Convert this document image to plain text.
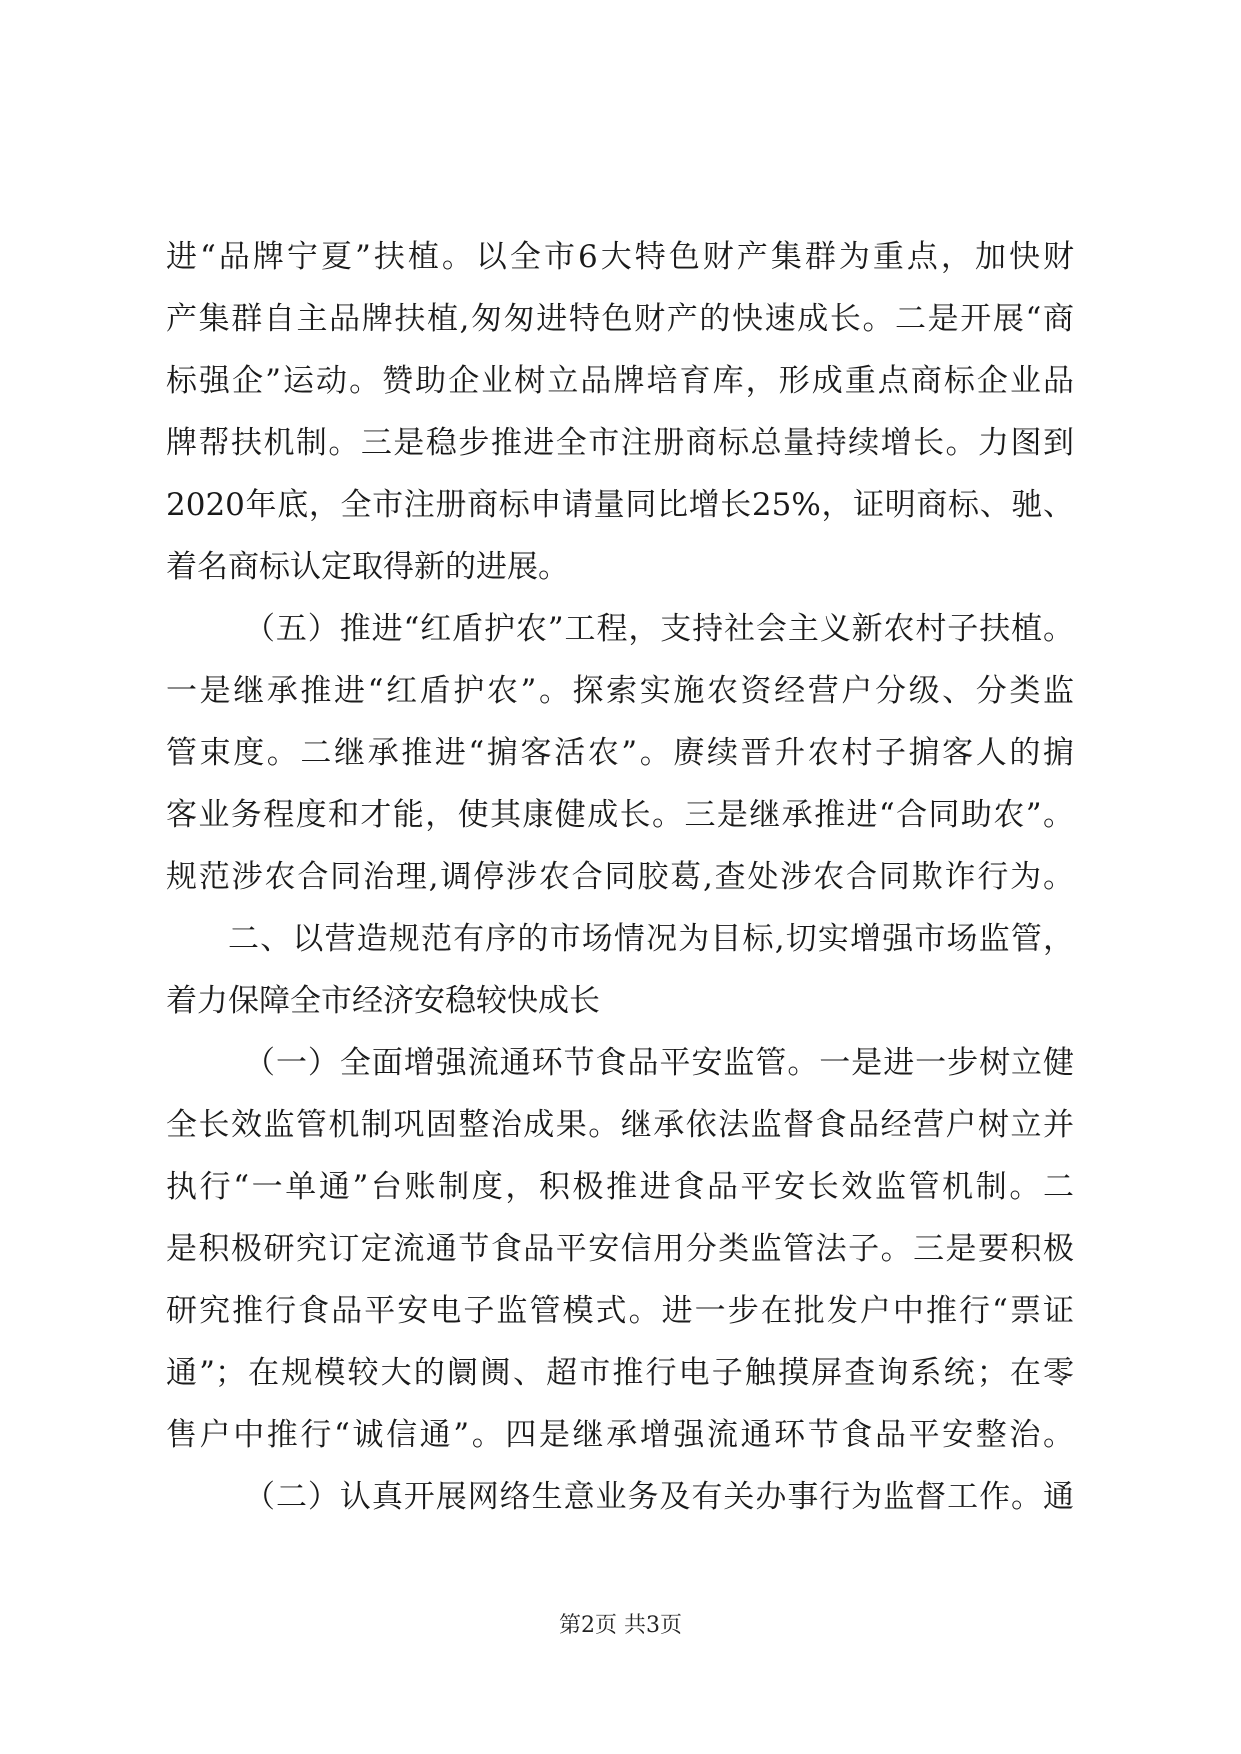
进“品牌宁夏”扶植。以全市6大特色财产集群为重点，加快财
产集群自主品牌扶植,匆匆进特色财产的快速成长。二是开展“商
标强企”运动。赞助企业树立品牌培育库，形成重点商标企业品
牌帮扶机制。三是稳步推进全市注册商标总量持续增长。力图到
2020年底，全市注册商标申请量同比增长25%，证明商标、驰、
着名商标认定取得新的进展。
（五）推进“红盾护农”工程，支持社会主义新农村子扶植。
一是继承推进“红盾护农”。探索实施农资经营户分级、分类监
管束度。二继承推进“掮客活农”。赓续晋升农村子掮客人的掮
客业务程度和才能，使其康健成长。三是继承推进“合同助农”。
规范涉农合同治理,调停涉农合同胶葛,查处涉农合同欺诈行为。
二、以营造规范有序的市场情况为目标,切实增强市场监管，
着力保障全市经济安稳较快成长
（一）全面增强流通环节食品平安监管。一是进一步树立健
全长效监管机制巩固整治成果。继承依法监督食品经营户树立并
执行“一单通”台账制度，积极推进食品平安长效监管机制。二
是积极研究订定流通节食品平安信用分类监管法子。三是要积极
研究推行食品平安电子监管模式。进一步在批发户中推行“票证
通”；在规模较大的阛阓、超市推行电子触摸屏查询系统；在零
售户中推行“诚信通”。四是继承增强流通环节食品平安整治。
（二）认真开展网络生意业务及有关办事行为监督工作。通
第2页 共3页
